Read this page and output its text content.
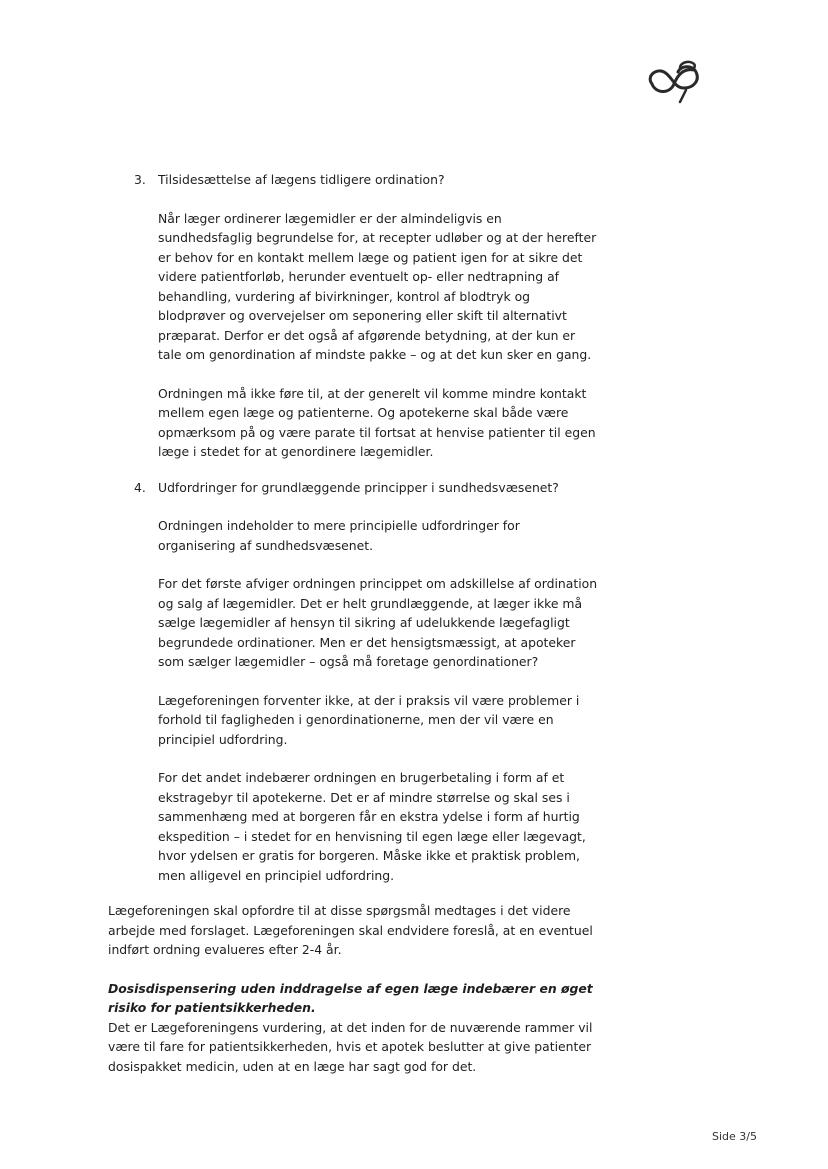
3. Tilsidesættelse af lægens tidligere ordination?

Når læger ordinerer lægemidler er der almindeligvis en sundhedsfaglig begrundelse for, at recepter udløber og at der herefter er behov for en kontakt mellem læge og patient igen for at sikre det videre patientforløb, herunder eventuelt op- eller nedtrapning af behandling, vurdering af bivirkninger, kontrol af blodtryk og blodprøver og overvejelser om seponering eller skift til alternativt præparat. Derfor er det også af afgørende betydning, at der kun er tale om genordination af mindste pakke – og at det kun sker en gang.

Ordningen må ikke føre til, at der generelt vil komme mindre kontakt mellem egen læge og patienterne. Og apotekerne skal både være opmærksom på og være parate til fortsat at henvise patienter til egen læge i stedet for at genordinere lægemidler.

4. Udfordringer for grundlæggende principper i sundhedsvæsenet?

Ordningen indeholder to mere principielle udfordringer for organisering af sundhedsvæsenet.

For det første afviger ordningen princippet om adskillelse af ordination og salg af lægemidler. Det er helt grundlæggende, at læger ikke må sælge lægemidler af hensyn til sikring af udelukkende lægefagligt begrundede ordinationer. Men er det hensigtsmæssigt, at apoteker som sælger lægemidler – også må foretage genordinationer?

Lægeforeningen forventer ikke, at der i praksis vil være problemer i forhold til fagligheden i genordinationerne, men der vil være en principiel udfordring.

For det andet indebærer ordningen en brugerbetaling i form af et ekstragebyr til apotekerne. Det er af mindre størrelse og skal ses i sammenhæng med at borgeren får en ekstra ydelse i form af hurtig ekspedition – i stedet for en henvisning til egen læge eller lægevagt, hvor ydelsen er gratis for borgeren. Måske ikke et praktisk problem, men alligevel en principiel udfordring.

Lægeforeningen skal opfordre til at disse spørgsmål medtages i det videre arbejde med forslaget. Lægeforeningen skal endvidere foreslå, at en eventuel indført ordning evalueres efter 2-4 år.

Dosisdispensering uden inddragelse af egen læge indebærer en øget risiko for patientsikkerheden.

Det er Lægeforeningens vurdering, at det inden for de nuværende rammer vil være til fare for patientsikkerheden, hvis et apotek beslutter at give patienter dosispakket medicin, uden at en læge har sagt god for det.

Side 3/5
